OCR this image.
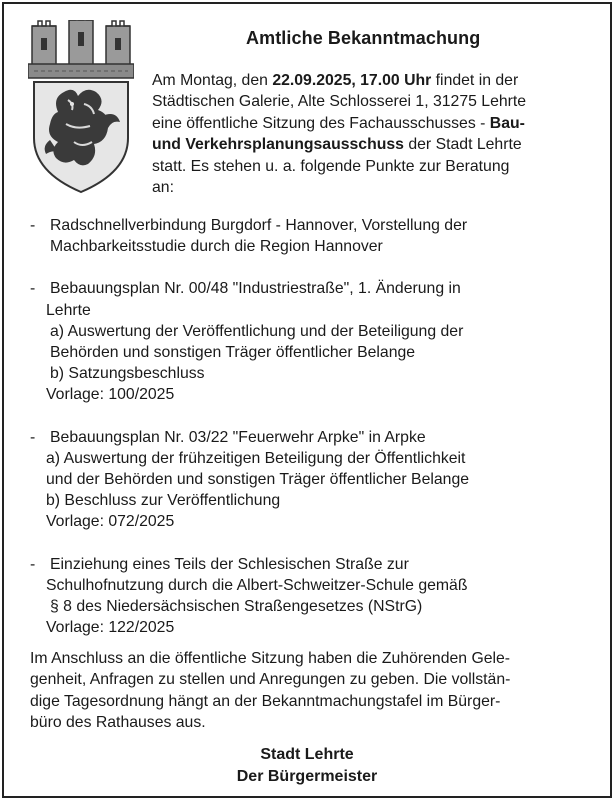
Amtliche Bekanntmachung
Am Montag, den 22.09.2025, 17.00 Uhr findet in der
Städtischen Galerie, Alte Schlosserei 1, 31275 Lehrte
eine öffentliche Sitzung des Fachausschusses - Bau-
und Verkehrsplanungsausschuss der Stadt Lehrte
statt. Es stehen u. a. folgende Punkte zur Beratung
an:
- Radschnellverbindung Burgdorf - Hannover, Vorstellung der
Machbarkeitsstudie durch die Region Hannover
- Bebauungsplan Nr. 00/48 "Industriestraße", 1. Änderung in
Lehrte
a) Auswertung der Veröffentlichung und der Beteiligung der
Behörden und sonstigen Träger öffentlicher Belange
b) Satzungsbeschluss
Vorlage: 100/2025
- Bebauungsplan Nr. 03/22 "Feuerwehr Arpke" in Arpke
a) Auswertung der frühzeitigen Beteiligung der Öffentlichkeit
und der Behörden und sonstigen Träger öffentlicher Belange
b) Beschluss zur Veröffentlichung
Vorlage: 072/2025
- Einziehung eines Teils der Schlesischen Straße zur
Schulhofnutzung durch die Albert-Schweitzer-Schule gemäß
§ 8 des Niedersächsischen Straßengesetzes (NStrG)
Vorlage: 122/2025
Im Anschluss an die öffentliche Sitzung haben die Zuhörenden Gele-
genheit, Anfragen zu stellen und Anregungen zu geben. Die vollstän-
dige Tagesordnung hängt an der Bekanntmachungstafel im Bürger-
büro des Rathauses aus.
Stadt Lehrte
Der Bürgermeister
